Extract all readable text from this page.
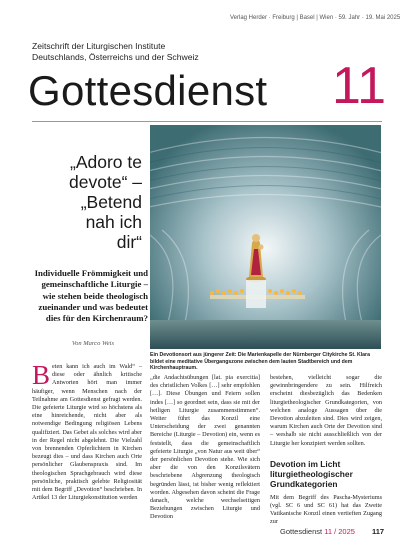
Verlag Herder · Freiburg | Basel | Wien · 59. Jahr · 19. Mai 2025
Zeitschrift der Liturgischen Institute
Deutschlands, Österreichs und der Schweiz
Gottesdienst	11
„Adoro te
devote“ –
„Betend
nah ich
dir“
Individuelle Frömmigkeit und gemeinschaftliche Liturgie – wie stehen beide theologisch zueinander und was bedeutet dies für den Kirchenraum?
Von Marco Weis
Ein Devotionsort aus jüngerer Zeit: Die Marienkapelle der Nürnberger Citykirche St. Klara bildet eine meditative Übergangszone zwischen dem lauten Stadtbereich und dem Kirchenhauptraum.
Beten kann ich auch im Wald“ – diese oder ähnlich kritische Antworten hört man immer häufiger, wenn Menschen nach der Teilnahme am Gottesdienst gefragt werden. Die gefeierte Liturgie wird so höchstens als eine hinreichende, nicht aber als notwendige Bedingung religiösen Lebens qualifiziert. Das Gebet als solches wird aber in der Regel nicht abgelehnt. Die Vielzahl von brennenden Opferlichtern in Kirchen bezeugt dies – und dass Kirchen auch Orte persönlicher Glaubenspraxis sind. Im theologischen Sprachgebrauch wird diese persönliche, praktisch gelebte Religiosität mit dem Begriff „Devotion“ beschrieben. In Artikel 13 der Liturgiekonstitution werden
„die Andachtsübungen [lat. pia exercitia] des christlichen Volkes […] sehr empfohlen […]. Diese Übungen und Feiern sollen indes […] so geordnet sein, dass sie mit der heiligen Liturgie zusammenstimmen“. Weiter führt das Konzil eine Unterscheidung der zwei genannten Bereiche (Liturgie – Devotion) ein, wenn es feststellt, dass die gemeinschaftlich gefeierte Liturgie „von Natur aus weit über“ der persönlichen Devotion stehe. Wie sich aber die von den Konzilsvätern beschriebene Abgrenzung theologisch begründen lässt, ist bisher wenig reflektiert worden. Abgesehen davon scheint die Frage danach, welche wechselseitigen Beziehungen zwischen Liturgie und Devotion
bestehen, vielleicht sogar die gewinnbringendere zu sein. Hilfreich erscheint diesbezüglich das Bedenken liturgietheologischer Grundkategorien, von welchen analoge Aussagen über die Devotion abzuleiten sind. Dies wird zeigen, warum Kirchen auch Orte der Devotion sind – weshalb sie nicht ausschließlich von der Liturgie her konzipiert werden sollten.
Devotion im Licht liturgietheologischer Grundkategorien
Mit dem Begriff des Pascha-Mysteriums (vgl. SC 6 und SC 61) hat das Zweite Vatikanische Konzil einen vertieften Zugang zur
Gottesdienst 11 / 2025 117
